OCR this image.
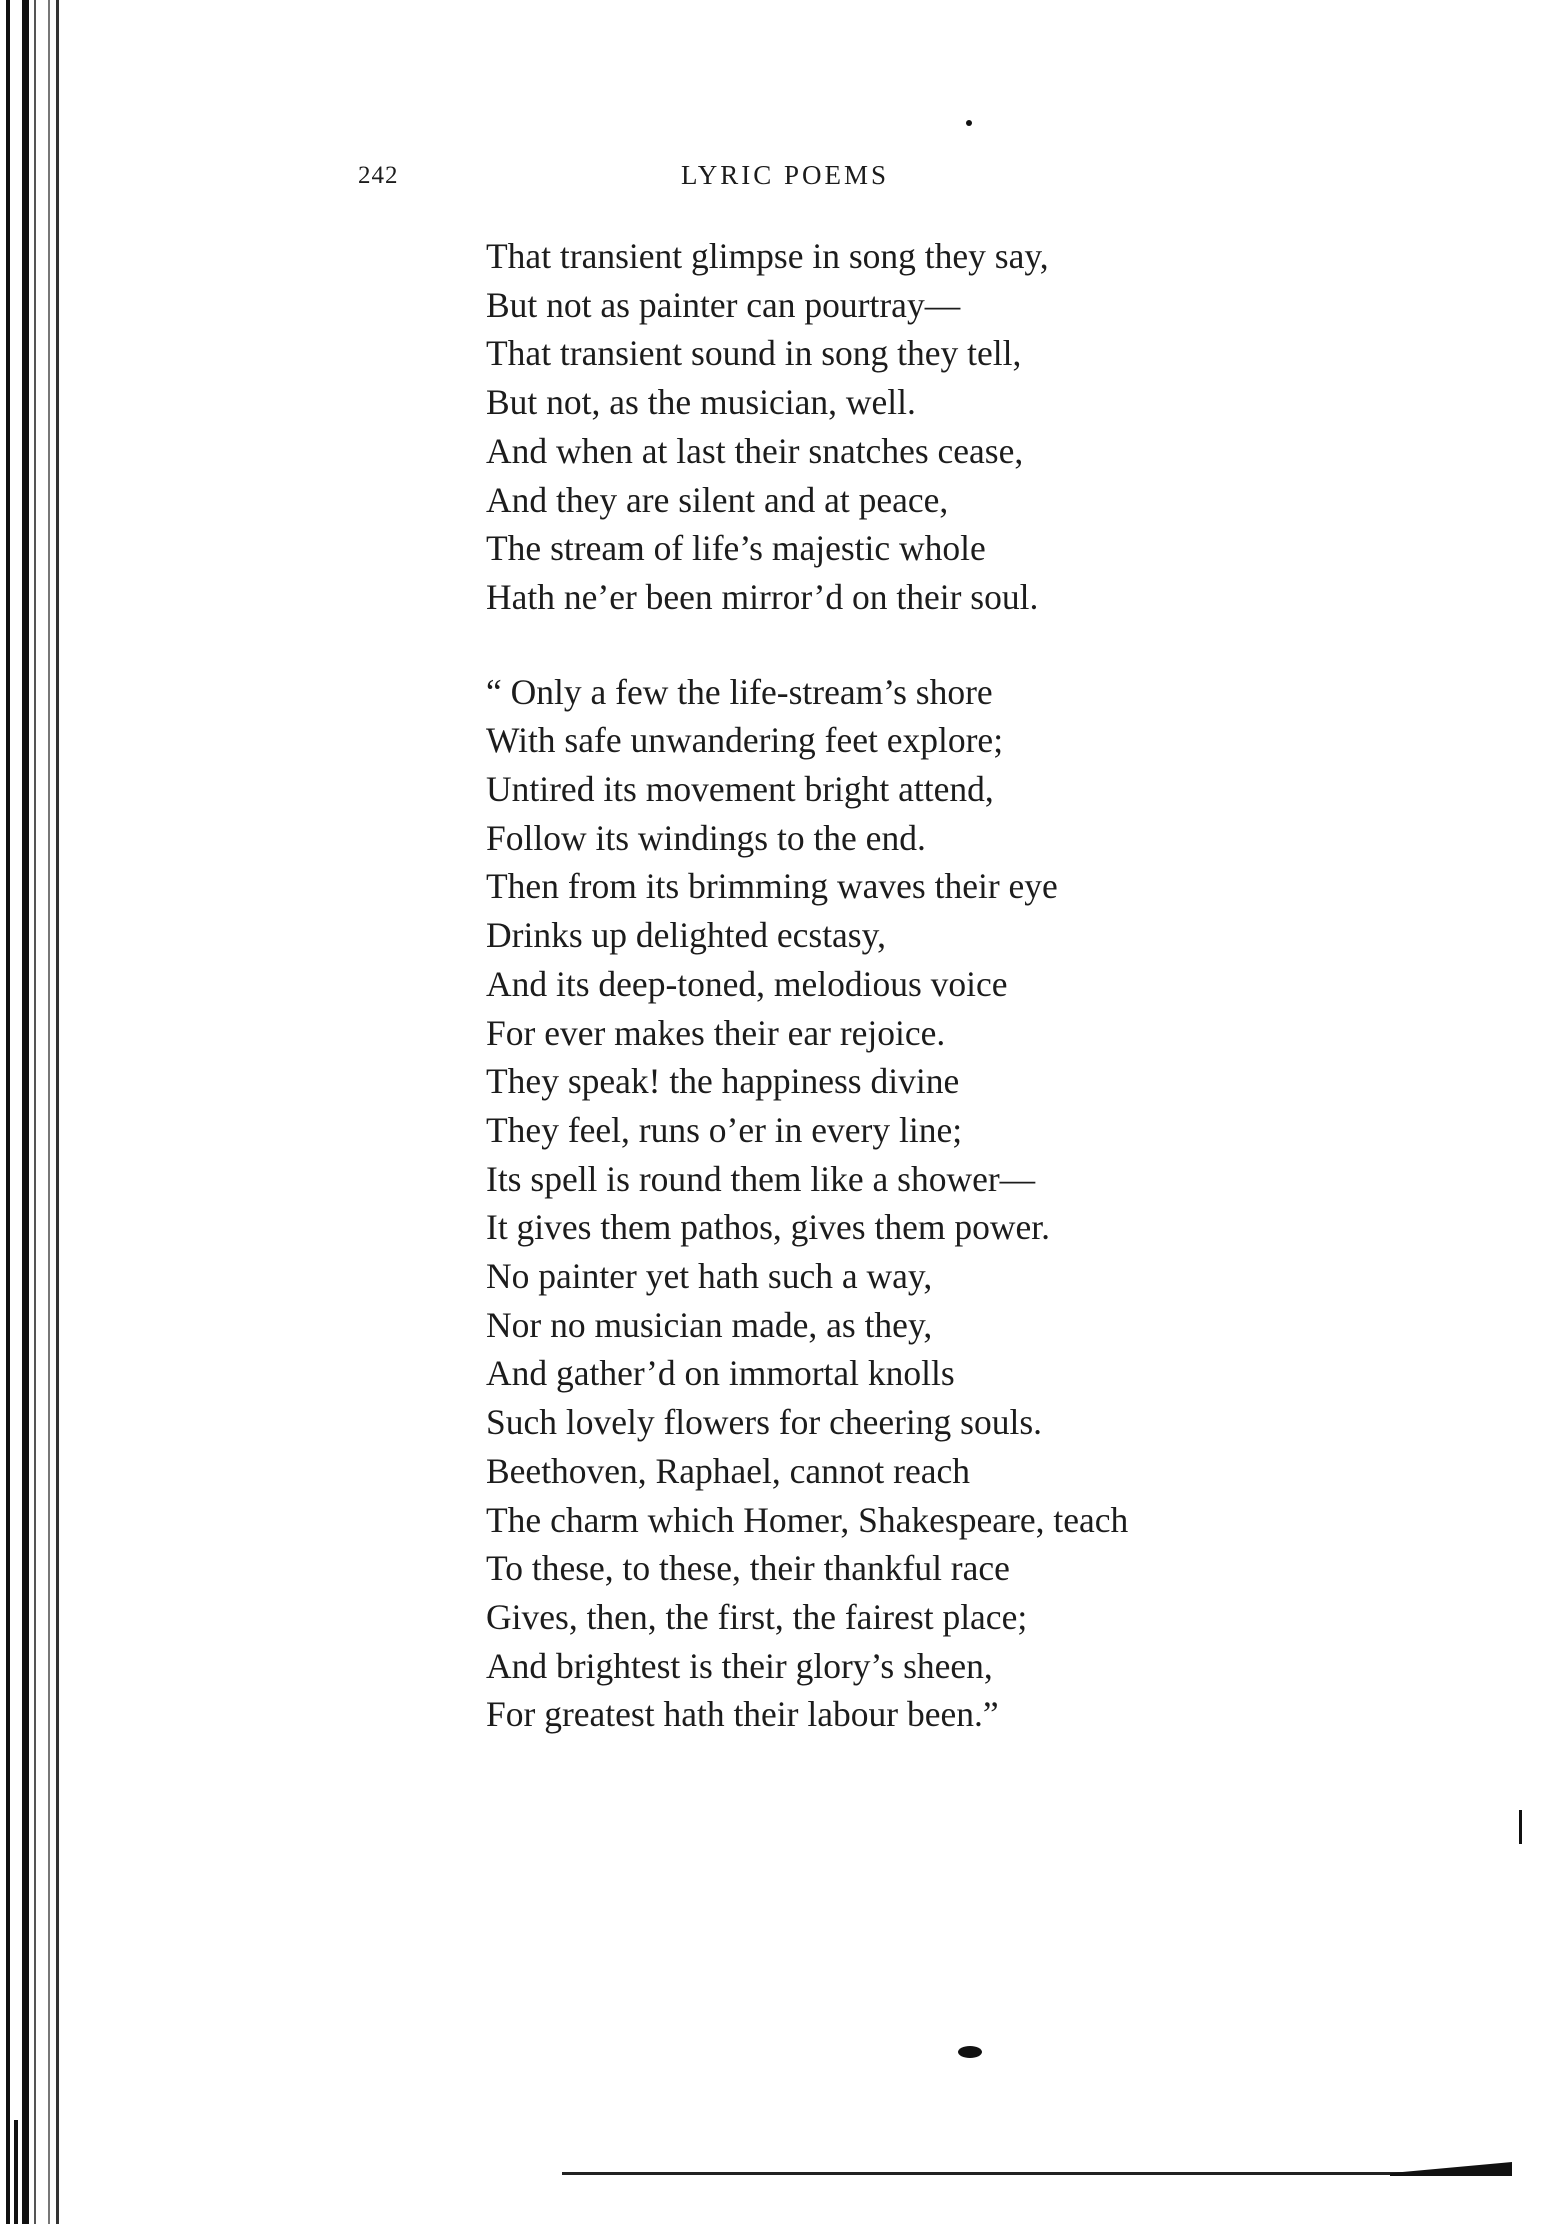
242	LYRIC POEMS
That transient glimpse in song they say,
But not as painter can pourtray—
That transient sound in song they tell,
But not, as the musician, well.
And when at last their snatches cease,
And they are silent and at peace,
The stream of life’s majestic whole
Hath ne’er been mirror’d on their soul.
“ Only a few the life-stream’s shore
With safe unwandering feet explore;
Untired its movement bright attend,
Follow its windings to the end.
Then from its brimming waves their eye
Drinks up delighted ecstasy,
And its deep-toned, melodious voice
For ever makes their ear rejoice.
They speak! the happiness divine
They feel, runs o’er in every line;
Its spell is round them like a shower—
It gives them pathos, gives them power.
No painter yet hath such a way,
Nor no musician made, as they,
And gather’d on immortal knolls
Such lovely flowers for cheering souls.
Beethoven, Raphael, cannot reach
The charm which Homer, Shakespeare, teach
To these, to these, their thankful race
Gives, then, the first, the fairest place;
And brightest is their glory’s sheen,
For greatest hath their labour been.”
